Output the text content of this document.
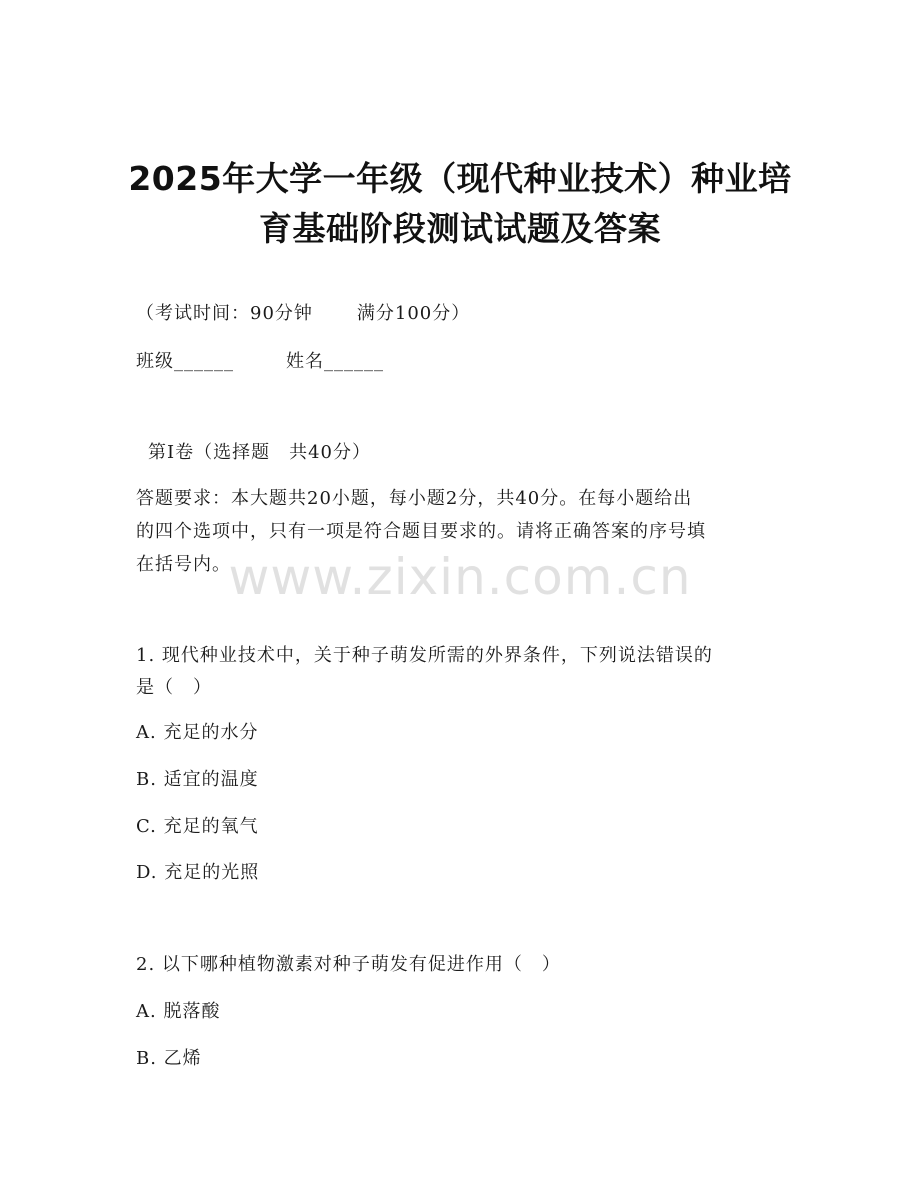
2025年大学一年级（现代种业技术）种业培
育基础阶段测试试题及答案
（考试时间：90分钟 满分100分）
班级______	姓名______
第I卷（选择题　共40分）
答题要求：本大题共20小题，每小题2分，共40分。在每小题给出
的四个选项中，只有一项是符合题目要求的。请将正确答案的序号填
在括号内。
www.zixin.com.cn
1. 现代种业技术中，关于种子萌发所需的外界条件，下列说法错误的
是（　）
A. 充足的水分
B. 适宜的温度
C. 充足的氧气
D. 充足的光照
2. 以下哪种植物激素对种子萌发有促进作用（　）
A. 脱落酸
B. 乙烯
